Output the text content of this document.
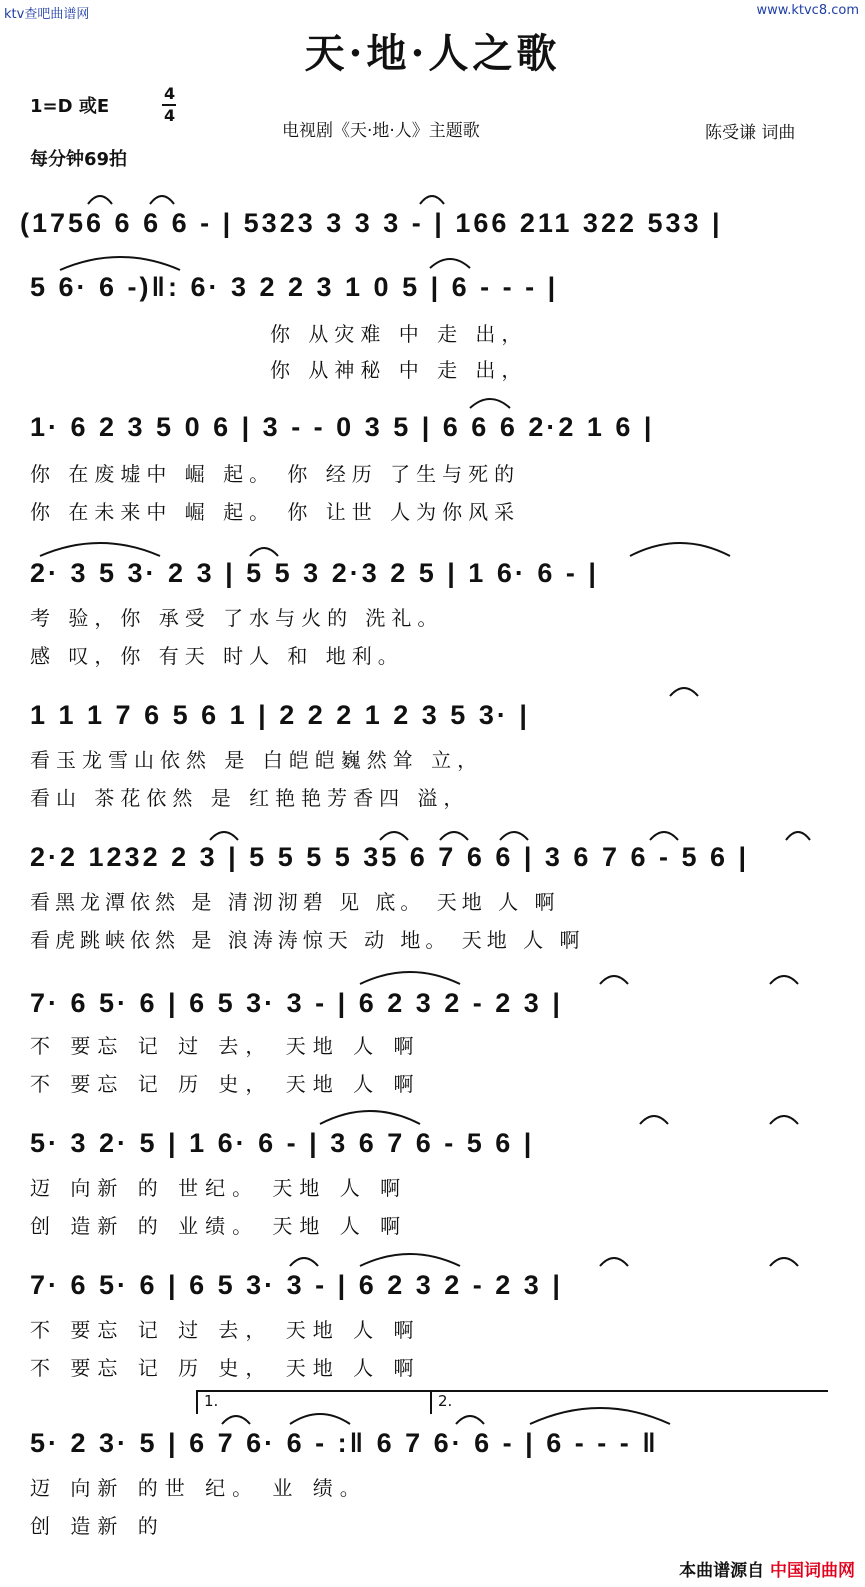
ktv查吧曲谱网	www.ktvc8.com
天·地·人之歌
1=D 或E
4
4
每分钟69拍
电视剧《天·地·人》主题歌	陈受谦 词曲
(1756 6 6 6 - | 5323 3 3 3 - | 166 211 322 533 |
5 6· 6 -)‖: 6· 3 2 2 3 1 0 5 | 6 - - - |
你 从灾难 中 走 出，
你 从神秘 中 走 出，
1· 6 2 3 5 0 6 | 3 - - 0 3 5 | 6 6 6 2·2 1 6 |
你 在废墟中 崛 起。 你 经历 了生与死的
你 在未来中 崛 起。 你 让世 人为你风采
2· 3 5 3· 2 3 | 5 5 3 2·3 2 5 | 1 6· 6 - |
考 验，你 承受 了水与火的 洗礼。
感 叹，你 有天 时人 和 地利。
1 1 1 7 6 5 6 1 | 2 2 2 1 2 3 5 3· |
看玉龙雪山依然 是 白皑皑巍然耸 立，
看山 茶花依然 是 红艳艳芳香四 溢，
2·2 1232 2 3 | 5 5 5 5 35 6 7 6 6 | 3 6 7 6 - 5 6 |
看黑龙潭依然 是 清沏沏碧 见 底。 天地 人 啊
看虎跳峡依然 是 浪涛涛惊天 动 地。 天地 人 啊
7· 6 5· 6 | 6 5 3· 3 - | 6 2 3 2 - 2 3 |
不 要忘 记 过 去， 天地 人 啊
不 要忘 记 历 史， 天地 人 啊
5· 3 2· 5 | 1 6· 6 - | 3 6 7 6 - 5 6 |
迈 向新 的 世纪。 天地 人 啊
创 造新 的 业绩。 天地 人 啊
7· 6 5· 6 | 6 5 3· 3 - | 6 2 3 2 - 2 3 |
不 要忘 记 过 去， 天地 人 啊
不 要忘 记 历 史， 天地 人 啊
1.	2.
5· 2 3· 5 | 6 7 6· 6 - :‖ 6 7 6· 6 - | 6 - - - ‖
迈 向新 的世 纪。 业 绩。
创 造新 的
本曲谱源自 中国词曲网
